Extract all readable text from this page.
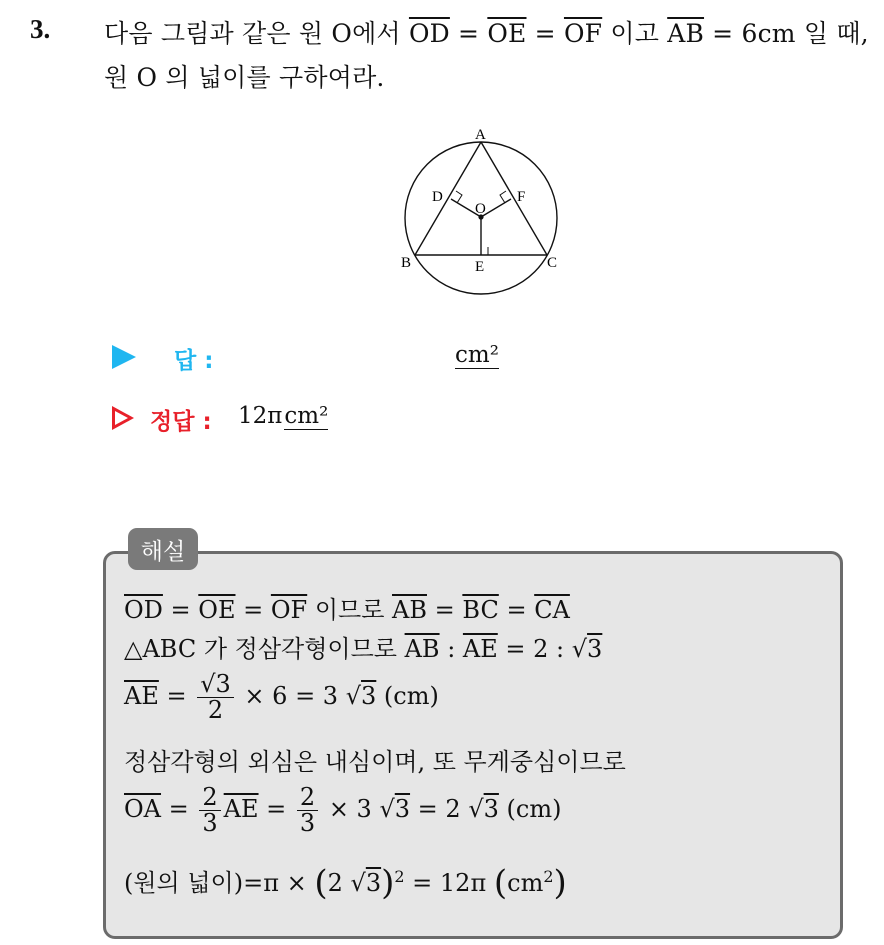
3. 다음 그림과 같은 원 O에서 $\overline{OD} = \overline{OE} = \overline{OF}$ 이고 $\overline{AB} = 6cm$ 일 때,
원 O 의 넓이를 구하여라.
A
B	C
D
E
F
O
답 :	cm²
정답 : 12πcm²
해설
$\overline{OD} = \overline{OE} = \overline{OF}$ 이므로 $\overline{AB} = \overline{BC} = \overline{CA}$
△ABC 가 정삼각형이므로 $\overline{AB}$ : $\overline{AE} = 2$ : √3
$\overline{AE} = \frac{√3}{2} \times 6 = 3$ √3 (cm)
정삼각형의 외심은 내심이며, 또 무게중심이므로
$\overline{OA} = \frac{2}{3} \overline{AE} = \frac{2}{3} \times 3$ √3 = 2 √3 (cm)
(원의 넓이)=π × (2 √3)$^2$ = 12π $(cm^2)$
